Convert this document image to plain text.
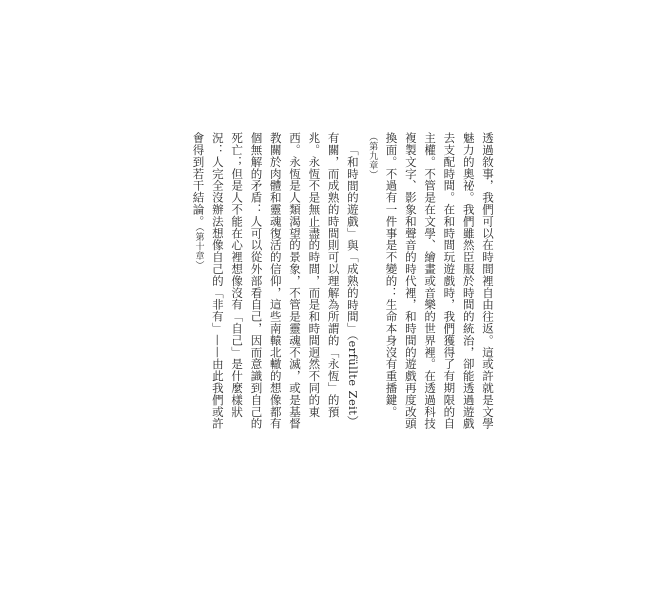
透過敘事，我們可以在時間裡自由往返。這或許就是文學魅力的奧祕。我們雖然臣服於時間的統治，卻能透過遊戲去支配時間。在和時間玩遊戲時，我們獲得了有期限的自主權。不管是在文學、繪畫或音樂的世界裡。在透過科技複製文字、影象和聲音的時代裡，和時間的遊戲再度改頭換面。不過有一件事是不變的：生命本身沒有重播鍵。（第九章）

「和時間的遊戲」與「成熟的時間」（erfüllte Zeit）有關，而成熟的時間則可以理解為所謂的「永恆」的預兆。永恆不是無止盡的時間，而是和時間迥然不同的東西。永恆是人類渴望的景象，不管是靈魂不滅，或是基督教關於肉體和靈魂復活的信仰，這些南轅北轍的想像都有個無解的矛盾：人可以從外部看自己，因而意識到自己的死亡；但是人不能在心裡想像沒有「自己」是什麼樣狀況：人完全沒辦法想像自己的「非有」——由此我們或許會得到若干結論。（第十章）
